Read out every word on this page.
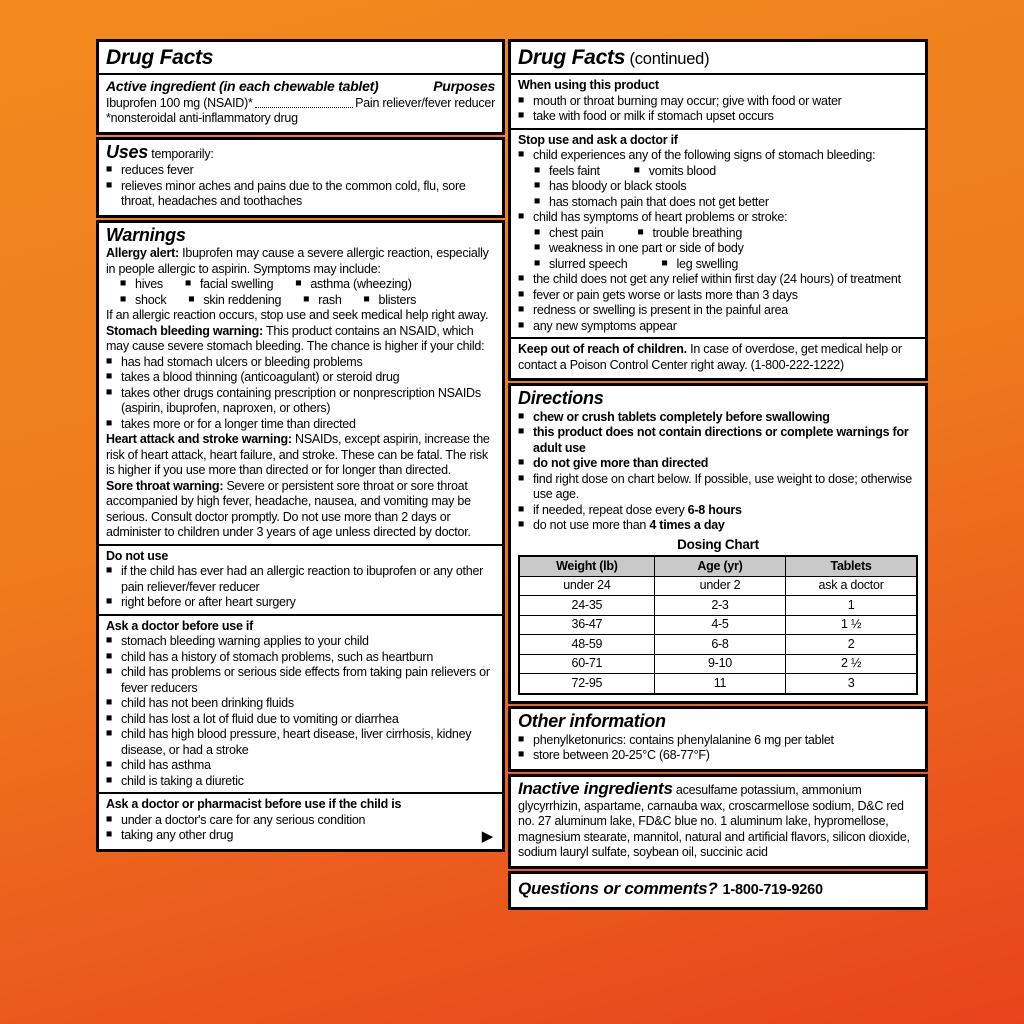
Drug Facts
Active ingredient (in each chewable tablet)	Purposes
Ibuprofen 100 mg (NSAID)*	Pain reliever/fever reducer
*nonsteroidal anti-inflammatory drug
Uses temporarily:
■ reduces fever
■ relieves minor aches and pains due to the common cold, flu, sore throat, headaches and toothaches
Warnings
Allergy alert: Ibuprofen may cause a severe allergic reaction, especially in people allergic to aspirin. Symptoms may include:
■ hives	■ facial swelling	■ asthma (wheezing)
■ shock	■ skin reddening	■ rash	■ blisters
If an allergic reaction occurs, stop use and seek medical help right away.
Stomach bleeding warning: This product contains an NSAID, which may cause severe stomach bleeding. The chance is higher if your child:
■ has had stomach ulcers or bleeding problems
■ takes a blood thinning (anticoagulant) or steroid drug
■ takes other drugs containing prescription or nonprescription NSAIDs (aspirin, ibuprofen, naproxen, or others)
■ takes more or for a longer time than directed
Heart attack and stroke warning: NSAIDs, except aspirin, increase the risk of heart attack, heart failure, and stroke. These can be fatal. The risk is higher if you use more than directed or for longer than directed.
Sore throat warning: Severe or persistent sore throat or sore throat accompanied by high fever, headache, nausea, and vomiting may be serious. Consult doctor promptly. Do not use more than 2 days or administer to children under 3 years of age unless directed by doctor.
Do not use
■ if the child has ever had an allergic reaction to ibuprofen or any other pain reliever/fever reducer
■ right before or after heart surgery
Ask a doctor before use if
■ stomach bleeding warning applies to your child
■ child has a history of stomach problems, such as heartburn
■ child has problems or serious side effects from taking pain relievers or fever reducers
■ child has not been drinking fluids
■ child has lost a lot of fluid due to vomiting or diarrhea
■ child has high blood pressure, heart disease, liver cirrhosis, kidney disease, or had a stroke
■ child has asthma
■ child is taking a diuretic
Ask a doctor or pharmacist before use if the child is
■ under a doctor's care for any serious condition
■ taking any other drug	▶
Drug Facts (continued)
When using this product
■ mouth or throat burning may occur; give with food or water
■ take with food or milk if stomach upset occurs
Stop use and ask a doctor if
■ child experiences any of the following signs of stomach bleeding:
■ feels faint	■ vomits blood
■ has bloody or black stools
■ has stomach pain that does not get better
■ child has symptoms of heart problems or stroke:
■ chest pain	■ trouble breathing
■ weakness in one part or side of body
■ slurred speech	■ leg swelling
■ the child does not get any relief within first day (24 hours) of treatment
■ fever or pain gets worse or lasts more than 3 days
■ redness or swelling is present in the painful area
■ any new symptoms appear
Keep out of reach of children. In case of overdose, get medical help or contact a Poison Control Center right away. (1-800-222-1222)
Directions
■ chew or crush tablets completely before swallowing
■ this product does not contain directions or complete warnings for adult use
■ do not give more than directed
■ find right dose on chart below. If possible, use weight to dose; otherwise use age.
■ if needed, repeat dose every 6-8 hours
■ do not use more than 4 times a day
Dosing Chart
Weight (lb)	Age (yr)	Tablets
under 24	under 2	ask a doctor
24-35	2-3	1
36-47	4-5	1 ½
48-59	6-8	2
60-71	9-10	2 ½
72-95	11	3
Other information
■ phenylketonurics: contains phenylalanine 6 mg per tablet
■ store between 20-25°C (68-77°F)
Inactive ingredients acesulfame potassium, ammonium glycyrrhizin, aspartame, carnauba wax, croscarmellose sodium, D&C red no. 27 aluminum lake, FD&C blue no. 1 aluminum lake, hypromellose, magnesium stearate, mannitol, natural and artificial flavors, silicon dioxide, sodium lauryl sulfate, soybean oil, succinic acid
Questions or comments? 1-800-719-9260
